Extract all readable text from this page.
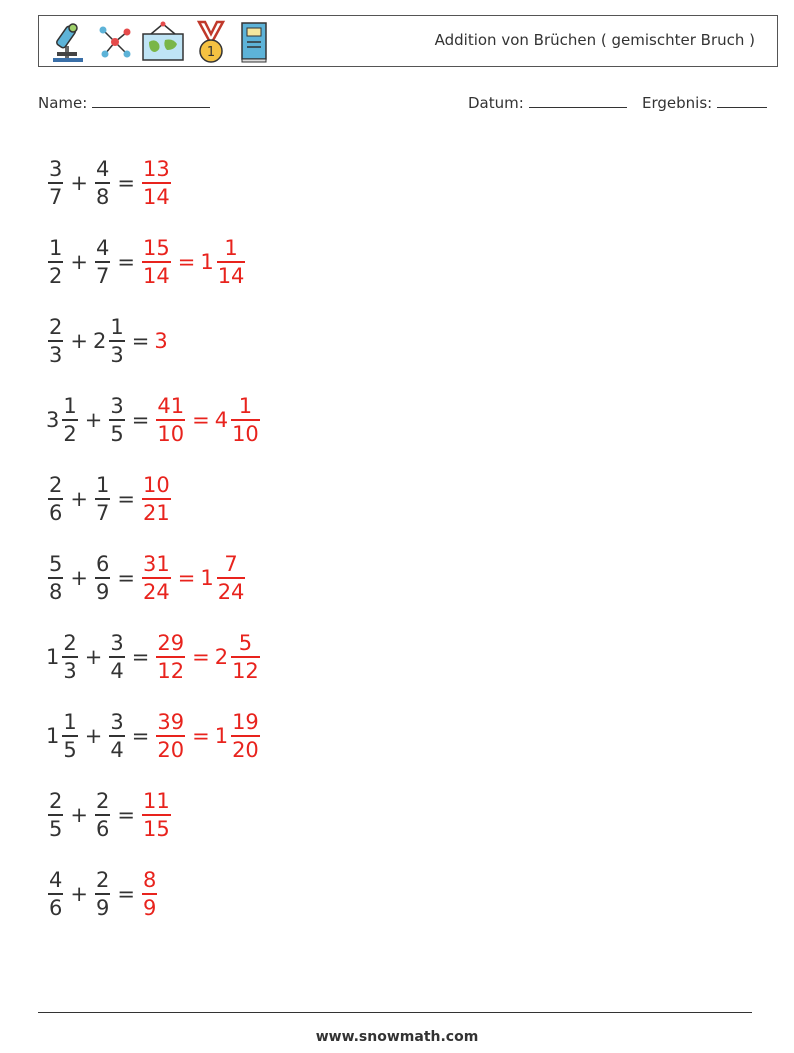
1
Addition von Brüchen ( gemischter Bruch )
Name:	Datum:	Ergebnis:
$\frac{3}{7} + \frac{4}{8} = \frac{13}{14}$
$\frac{1}{2} + \frac{4}{7} = \frac{15}{14} = 1 \frac{1}{14}$
$\frac{2}{3} + 2 \frac{1}{3} = 3$
$3 \frac{1}{2} + \frac{3}{5} = \frac{41}{10} = 4 \frac{1}{10}$
$\frac{2}{6} + \frac{1}{7} = \frac{10}{21}$
$\frac{5}{8} + \frac{6}{9} = \frac{31}{24} = 1 \frac{7}{24}$
$1 \frac{2}{3} + \frac{3}{4} = \frac{29}{12} = 2 \frac{5}{12}$
$1 \frac{1}{5} + \frac{3}{4} = \frac{39}{20} = 1 \frac{19}{20}$
$\frac{2}{5} + \frac{2}{6} = \frac{11}{15}$
$\frac{4}{6} + \frac{2}{9} = \frac{8}{9}$
www.snowmath.com
